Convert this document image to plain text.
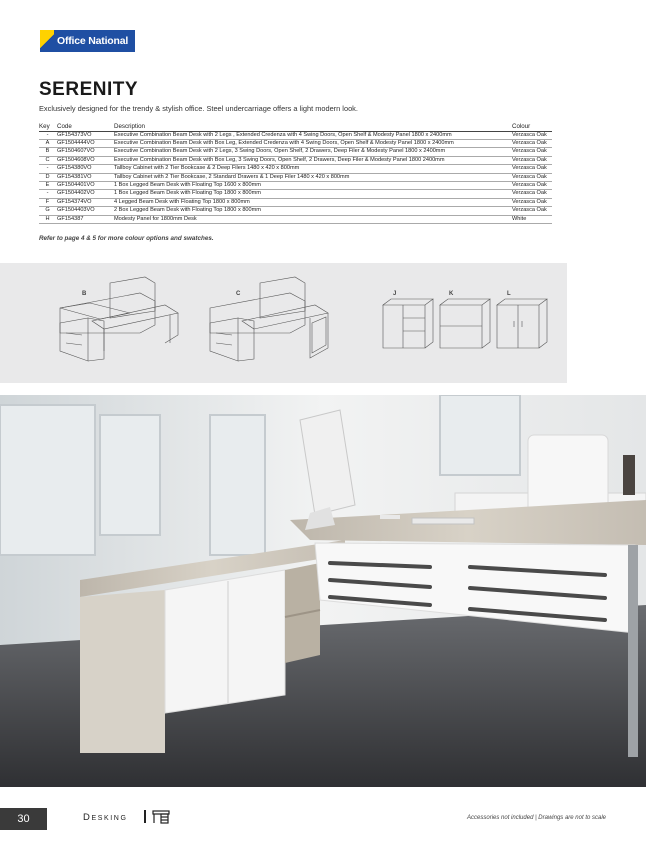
Office National
SERENITY

Exclusively designed for the trendy & stylish office. Steel undercarriage offers a light modern look.

Key	Code	Description	Colour
-	GF154373VO	Executive Combination Beam Desk with 2 Legs , Extended Credenza with 4 Swing Doors, Open Shelf & Modesty Panel 1800 x 2400mm	Verzasca Oak
A	GF1504444VO	Executive Combination Beam Desk with Box Leg, Extended Credenza with 4 Swing Doors, Open Shelf & Modesty Panel 1800 x 2400mm	Verzasca Oak
B	GF1504607VO	Executive Combination Beam Desk with 2 Legs, 3 Swing Doors, Open Shelf, 2 Drawers, Deep Filer & Modesty Panel 1800 x 2400mm	Verzasca Oak
C	GF1504608VO	Executive Combination Beam Desk with Box Leg, 3 Swing Doors, Open Shelf, 2 Drawers, Deep Filer & Modesty Panel 1800 2400mm	Verzasca Oak
-	GF154380VO	Tallboy Cabinet with 2 Tier Bookcase & 2 Deep Filers 1480 x 420 x 800mm	Verzasca Oak
D	GF154381VO	Tallboy Cabinet with 2 Tier Bookcase, 2 Standard Drawers & 1 Deep Filer 1480 x 420 x 800mm	Verzasca Oak
E	GF1504401VO	1 Box Legged Beam Desk with Floating Top 1600 x 800mm	Verzasca Oak
-	GF1504402VO	1 Box Legged Beam Desk with Floating Top 1800 x 800mm	Verzasca Oak
F	GF154374VO	4 Legged Beam Desk with Floating Top 1800 x 800mm	Verzasca Oak
G	GF1504403VO	2 Box Legged Beam Desk with Floating Top 1800 x 800mm	Verzasca Oak
H	GF154387	Modesty Panel for 1800mm Desk	White

Refer to page 4 & 5 for more colour options and swatches.

B	C	J	K	L
30	Desking	Accessories not included | Drawings are not to scale
